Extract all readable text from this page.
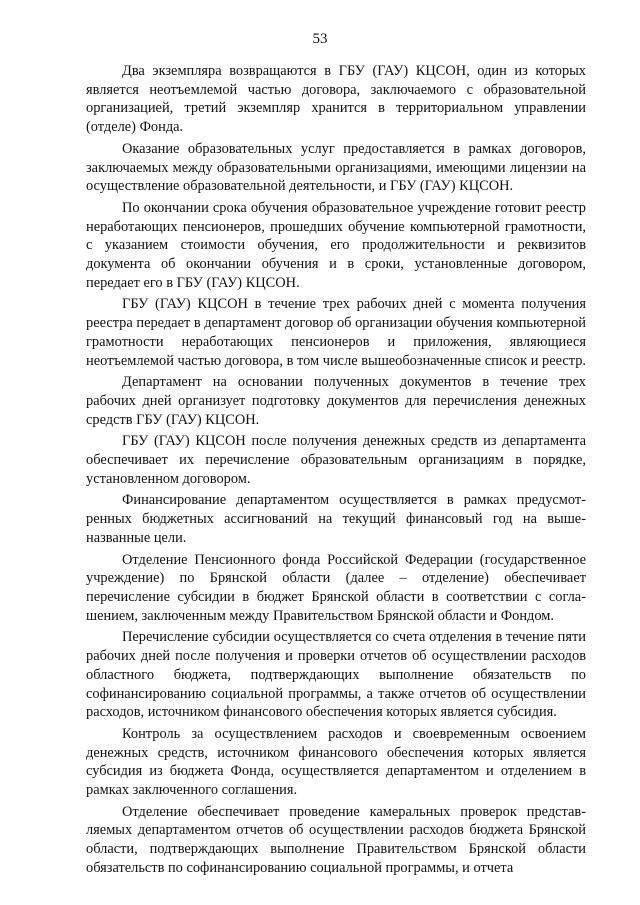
53

Два экземпляра возвращаются в ГБУ (ГАУ) КЦСОН, один из которых является неотъемлемой частью договора, заключаемого с образовательной организацией, третий экземпляр хранится в территориальном управлении (отделе) Фонда.

Оказание образовательных услуг предоставляется в рамках договоров, заключаемых между образовательными организациями, имеющими лицензии на осуществление образовательной деятельности, и ГБУ (ГАУ) КЦСОН.

По окончании срока обучения образовательное учреждение готовит реестр неработающих пенсионеров, прошедших обучение компьютерной грамотности, с указанием стоимости обучения, его продолжительности и реквизитов документа об окончании обучения и в сроки, установленные договором, передает его в ГБУ (ГАУ) КЦСОН.

ГБУ (ГАУ) КЦСОН в течение трех рабочих дней с момента получения реестра передает в департамент договор об организации обучения компьютерной грамотности неработающих пенсионеров и приложения, являющиеся неотъемлемой частью договора, в том числе вышеобозначенные список и реестр.

Департамент на основании полученных документов в течение трех рабочих дней организует подготовку документов для перечисления денежных средств ГБУ (ГАУ) КЦСОН.

ГБУ (ГАУ) КЦСОН после получения денежных средств из департамента обеспечивает их перечисление образовательным организациям в порядке, установленном договором.

Финансирование департаментом осуществляется в рамках предусмотренных бюджетных ассигнований на текущий финансовый год на вышеназванные цели.

Отделение Пенсионного фонда Российской Федерации (государственное учреждение) по Брянской области (далее – отделение) обеспечивает перечисление субсидии в бюджет Брянской области в соответствии с соглашением, заключенным между Правительством Брянской области и Фондом.

Перечисление субсидии осуществляется со счета отделения в течение пяти рабочих дней после получения и проверки отчетов об осуществлении расходов областного бюджета, подтверждающих выполнение обязательств по софинансированию социальной программы, а также отчетов об осуществлении расходов, источником финансового обеспечения которых является субсидия.

Контроль за осуществлением расходов и своевременным освоением денежных средств, источником финансового обеспечения которых является субсидия из бюджета Фонда, осуществляется департаментом и отделением в рамках заключенного соглашения.

Отделение обеспечивает проведение камеральных проверок представляемых департаментом отчетов об осуществлении расходов бюджета Брянской области, подтверждающих выполнение Правительством Брянской области обязательств по софинансированию социальной программы, и отчета
